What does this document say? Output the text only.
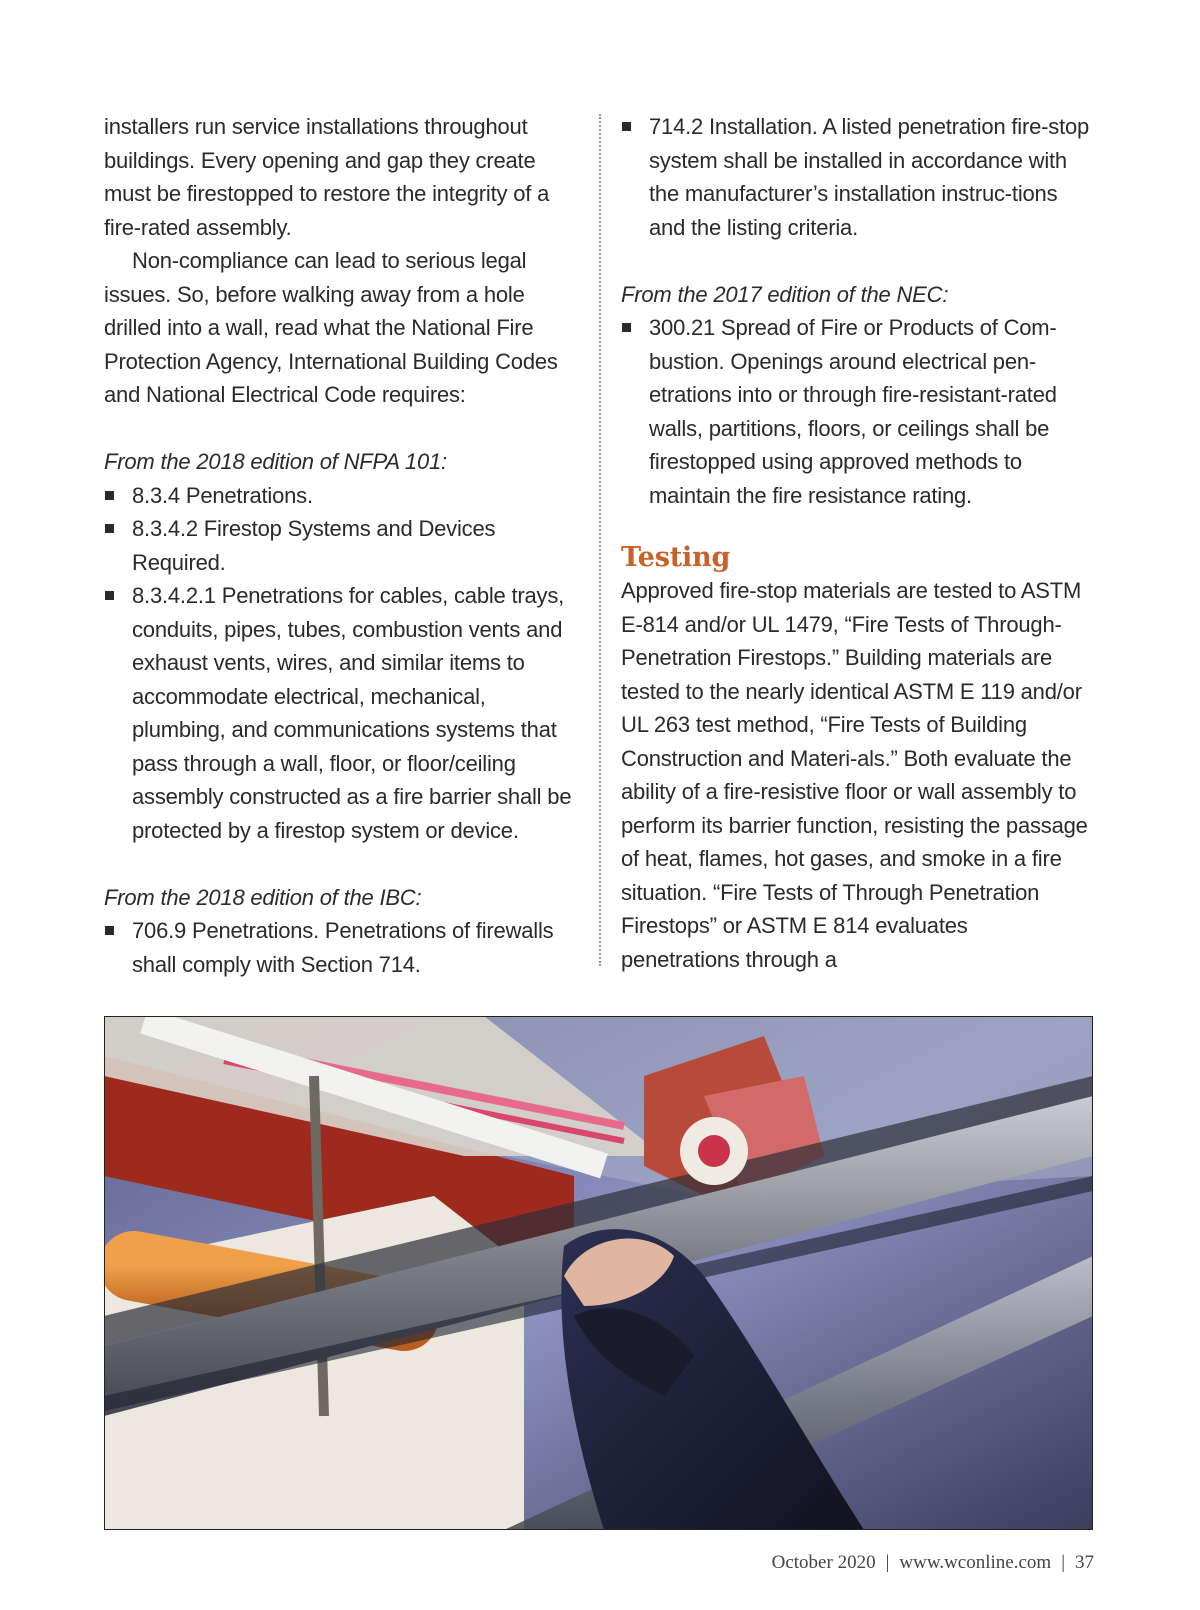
installers run service installations throughout buildings. Every opening and gap they create must be firestopped to restore the integrity of a fire-rated assembly.

Non-compliance can lead to serious legal issues. So, before walking away from a hole drilled into a wall, read what the National Fire Protection Agency, International Building Codes and National Electrical Code requires:

From the 2018 edition of NFPA 101:

8.3.4 Penetrations.
8.3.4.2 Firestop Systems and Devices Required.
8.3.4.2.1 Penetrations for cables, cable trays, conduits, pipes, tubes, combustion vents and exhaust vents, wires, and similar items to accommodate electrical, mechanical, plumbing, and communications systems that pass through a wall, floor, or floor/ceiling assembly constructed as a fire barrier shall be protected by a firestop system or device.

From the 2018 edition of the IBC:

706.9 Penetrations. Penetrations of firewalls shall comply with Section 714.
714.2 Installation. A listed penetration fire-stop system shall be installed in accordance with the manufacturer’s installation instruc-tions and the listing criteria.

From the 2017 edition of the NEC:

300.21 Spread of Fire or Products of Com-bustion. Openings around electrical pen-etrations into or through fire-resistant-rated walls, partitions, floors, or ceilings shall be firestopped using approved methods to maintain the fire resistance rating.
Testing

Approved fire-stop materials are tested to ASTM E-814 and/or UL 1479, “Fire Tests of Through-Penetration Firestops.” Building materials are tested to the nearly identical ASTM E 119 and/or UL 263 test method, “Fire Tests of Building Construction and Materi-als.” Both evaluate the ability of a fire-resistive floor or wall assembly to perform its barrier function, resisting the passage of heat, flames, hot gases, and smoke in a fire situation. “Fire Tests of Through Penetration Firestops” or ASTM E 814 evaluates penetrations through a

October 2020 | www.wconline.com | 37
